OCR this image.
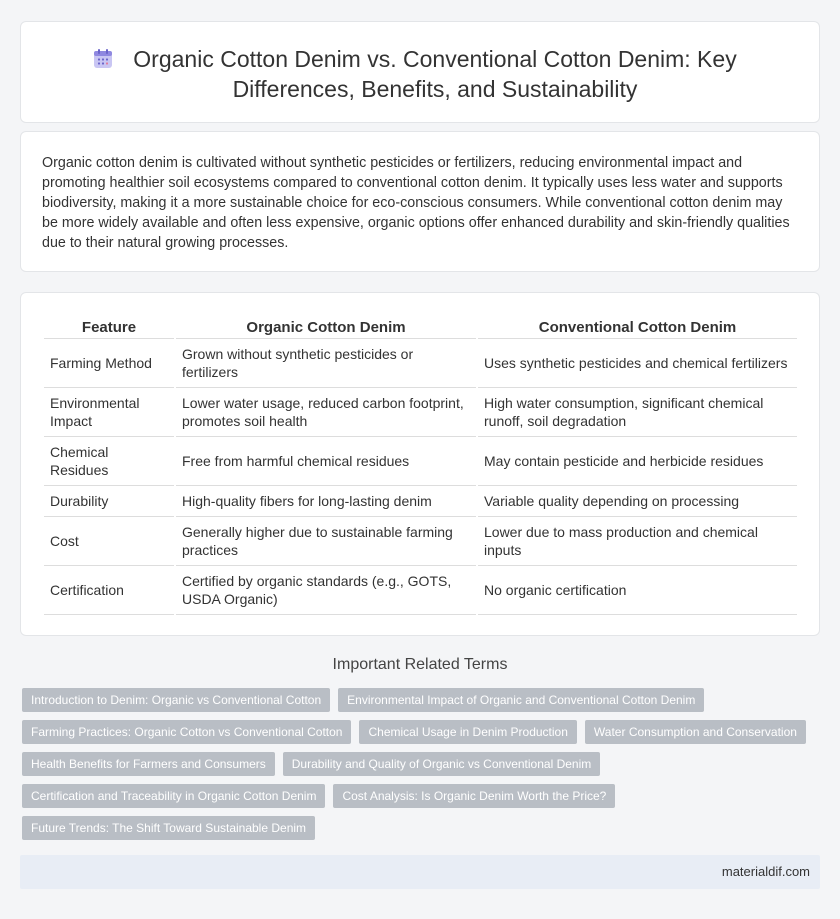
Organic Cotton Denim vs. Conventional Cotton Denim: Key Differences, Benefits, and Sustainability

Organic cotton denim is cultivated without synthetic pesticides or fertilizers, reducing environmental impact and promoting healthier soil ecosystems compared to conventional cotton denim. It typically uses less water and supports biodiversity, making it a more sustainable choice for eco-conscious consumers. While conventional cotton denim may be more widely available and often less expensive, organic options offer enhanced durability and skin-friendly qualities due to their natural growing processes.

Feature	Organic Cotton Denim	Conventional Cotton Denim
Farming Method	Grown without synthetic pesticides or fertilizers	Uses synthetic pesticides and chemical fertilizers
Environmental Impact	Lower water usage, reduced carbon footprint, promotes soil health	High water consumption, significant chemical runoff, soil degradation
Chemical Residues	Free from harmful chemical residues	May contain pesticide and herbicide residues
Durability	High-quality fibers for long-lasting denim	Variable quality depending on processing
Cost	Generally higher due to sustainable farming practices	Lower due to mass production and chemical inputs
Certification	Certified by organic standards (e.g., GOTS, USDA Organic)	No organic certification
Important Related Terms
Introduction to Denim: Organic vs Conventional Cotton	Environmental Impact of Organic and Conventional Cotton Denim
Farming Practices: Organic Cotton vs Conventional Cotton	Chemical Usage in Denim Production	Water Consumption and Conservation
Health Benefits for Farmers and Consumers	Durability and Quality of Organic vs Conventional Denim
Certification and Traceability in Organic Cotton Denim	Cost Analysis: Is Organic Denim Worth the Price?
Future Trends: The Shift Toward Sustainable Denim
materialdif.com
